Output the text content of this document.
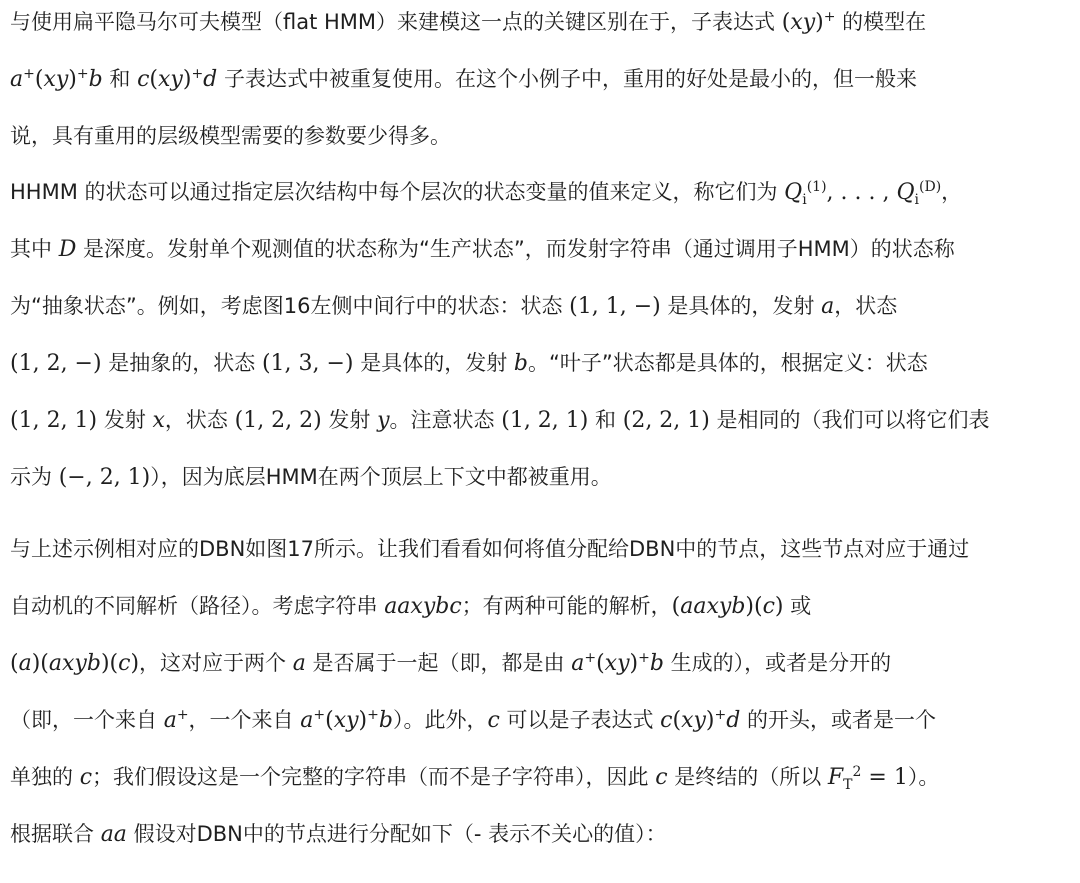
与使用扁平隐马尔可夫模型（flat HMM）来建模这一点的关键区别在于，子表达式 (xy)+ 的模型在
a+(xy)+b 和 c(xy)+d 子表达式中被重复使用。在这个小例子中，重用的好处是最小的，但一般来
说，具有重用的层级模型需要的参数要少得多。
HHMM 的状态可以通过指定层次结构中每个层次的状态变量的值来定义，称它们为 $Q_i^{(1)}$, . . . , $Q_i^{(D)}$，
其中 D 是深度。发射单个观测值的状态称为“生产状态”，而发射字符串（通过调用子HMM）的状态称
为“抽象状态”。例如，考虑图16左侧中间行中的状态：状态 (1, 1, −) 是具体的，发射 a，状态
(1, 2, −) 是抽象的，状态 (1, 3, −) 是具体的，发射 b。“叶子”状态都是具体的，根据定义：状态
(1, 2, 1) 发射 x，状态 (1, 2, 2) 发射 y。注意状态 (1, 2, 1) 和 (2, 2, 1) 是相同的（我们可以将它们表
示为 (−, 2, 1)），因为底层HMM在两个顶层上下文中都被重用。
与上述示例相对应的DBN如图17所示。让我们看看如何将值分配给DBN中的节点，这些节点对应于通过
自动机的不同解析（路径）。考虑字符串 aaxybc；有两种可能的解析，(aaxyb)(c) 或
(a)(axyb)(c)，这对应于两个 a 是否属于一起（即，都是由 a+(xy)+b 生成的），或者是分开的
（即，一个来自 a+，一个来自 a+(xy)+b）。此外，c 可以是子表达式 c(xy)+d 的开头，或者是一个
单独的 c；我们假设这是一个完整的字符串（而不是子字符串），因此 c 是终结的（所以 $F_T^2 = 1$）。
根据联合 aa 假设对DBN中的节点进行分配如下（- 表示不关心的值）：
